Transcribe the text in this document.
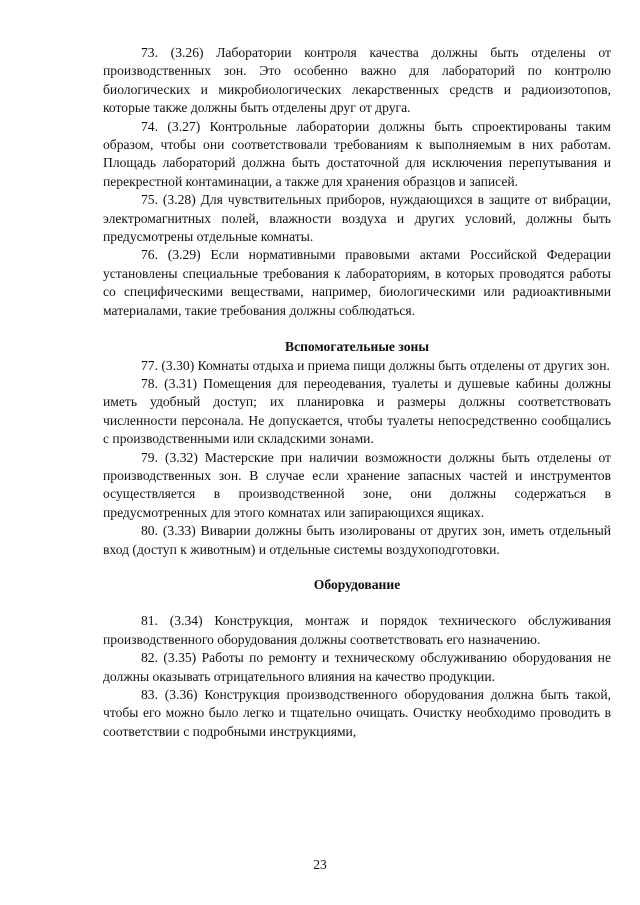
73. (3.26) Лаборатории контроля качества должны быть отделены от производственных зон. Это особенно важно для лабораторий по контролю биологических и микробиологических лекарственных средств и радиоизотопов, которые также должны быть отделены друг от друга.

74. (3.27) Контрольные лаборатории должны быть спроектированы таким образом, чтобы они соответствовали требованиям к выполняемым в них работам. Площадь лабораторий должна быть достаточной для исключения перепутывания и перекрестной контаминации, а также для хранения образцов и записей.

75. (3.28) Для чувствительных приборов, нуждающихся в защите от вибрации, электромагнитных полей, влажности воздуха и других условий, должны быть предусмотрены отдельные комнаты.

76. (3.29) Если нормативными правовыми актами Российской Федерации установлены специальные требования к лабораториям, в которых проводятся работы со специфическими веществами, например, биологическими или радиоактивными материалами, такие требования должны соблюдаться.

Вспомогательные зоны

77. (3.30) Комнаты отдыха и приема пищи должны быть отделены от других зон.

78. (3.31) Помещения для переодевания, туалеты и душевые кабины должны иметь удобный доступ; их планировка и размеры должны соответствовать численности персонала. Не допускается, чтобы туалеты непосредственно сообщались с производственными или складскими зонами.

79. (3.32) Мастерские при наличии возможности должны быть отделены от производственных зон. В случае если хранение запасных частей и инструментов осуществляется в производственной зоне, они должны содержаться в предусмотренных для этого комнатах или запирающихся ящиках.

80. (3.33) Виварии должны быть изолированы от других зон, иметь отдельный вход (доступ к животным) и отдельные системы воздухоподготовки.

Оборудование

81. (3.34) Конструкция, монтаж и порядок технического обслуживания производственного оборудования должны соответствовать его назначению.

82. (3.35) Работы по ремонту и техническому обслуживанию оборудования не должны оказывать отрицательного влияния на качество продукции.

83. (3.36) Конструкция производственного оборудования должна быть такой, чтобы его можно было легко и тщательно очищать. Очистку необходимо проводить в соответствии с подробными инструкциями,

23
